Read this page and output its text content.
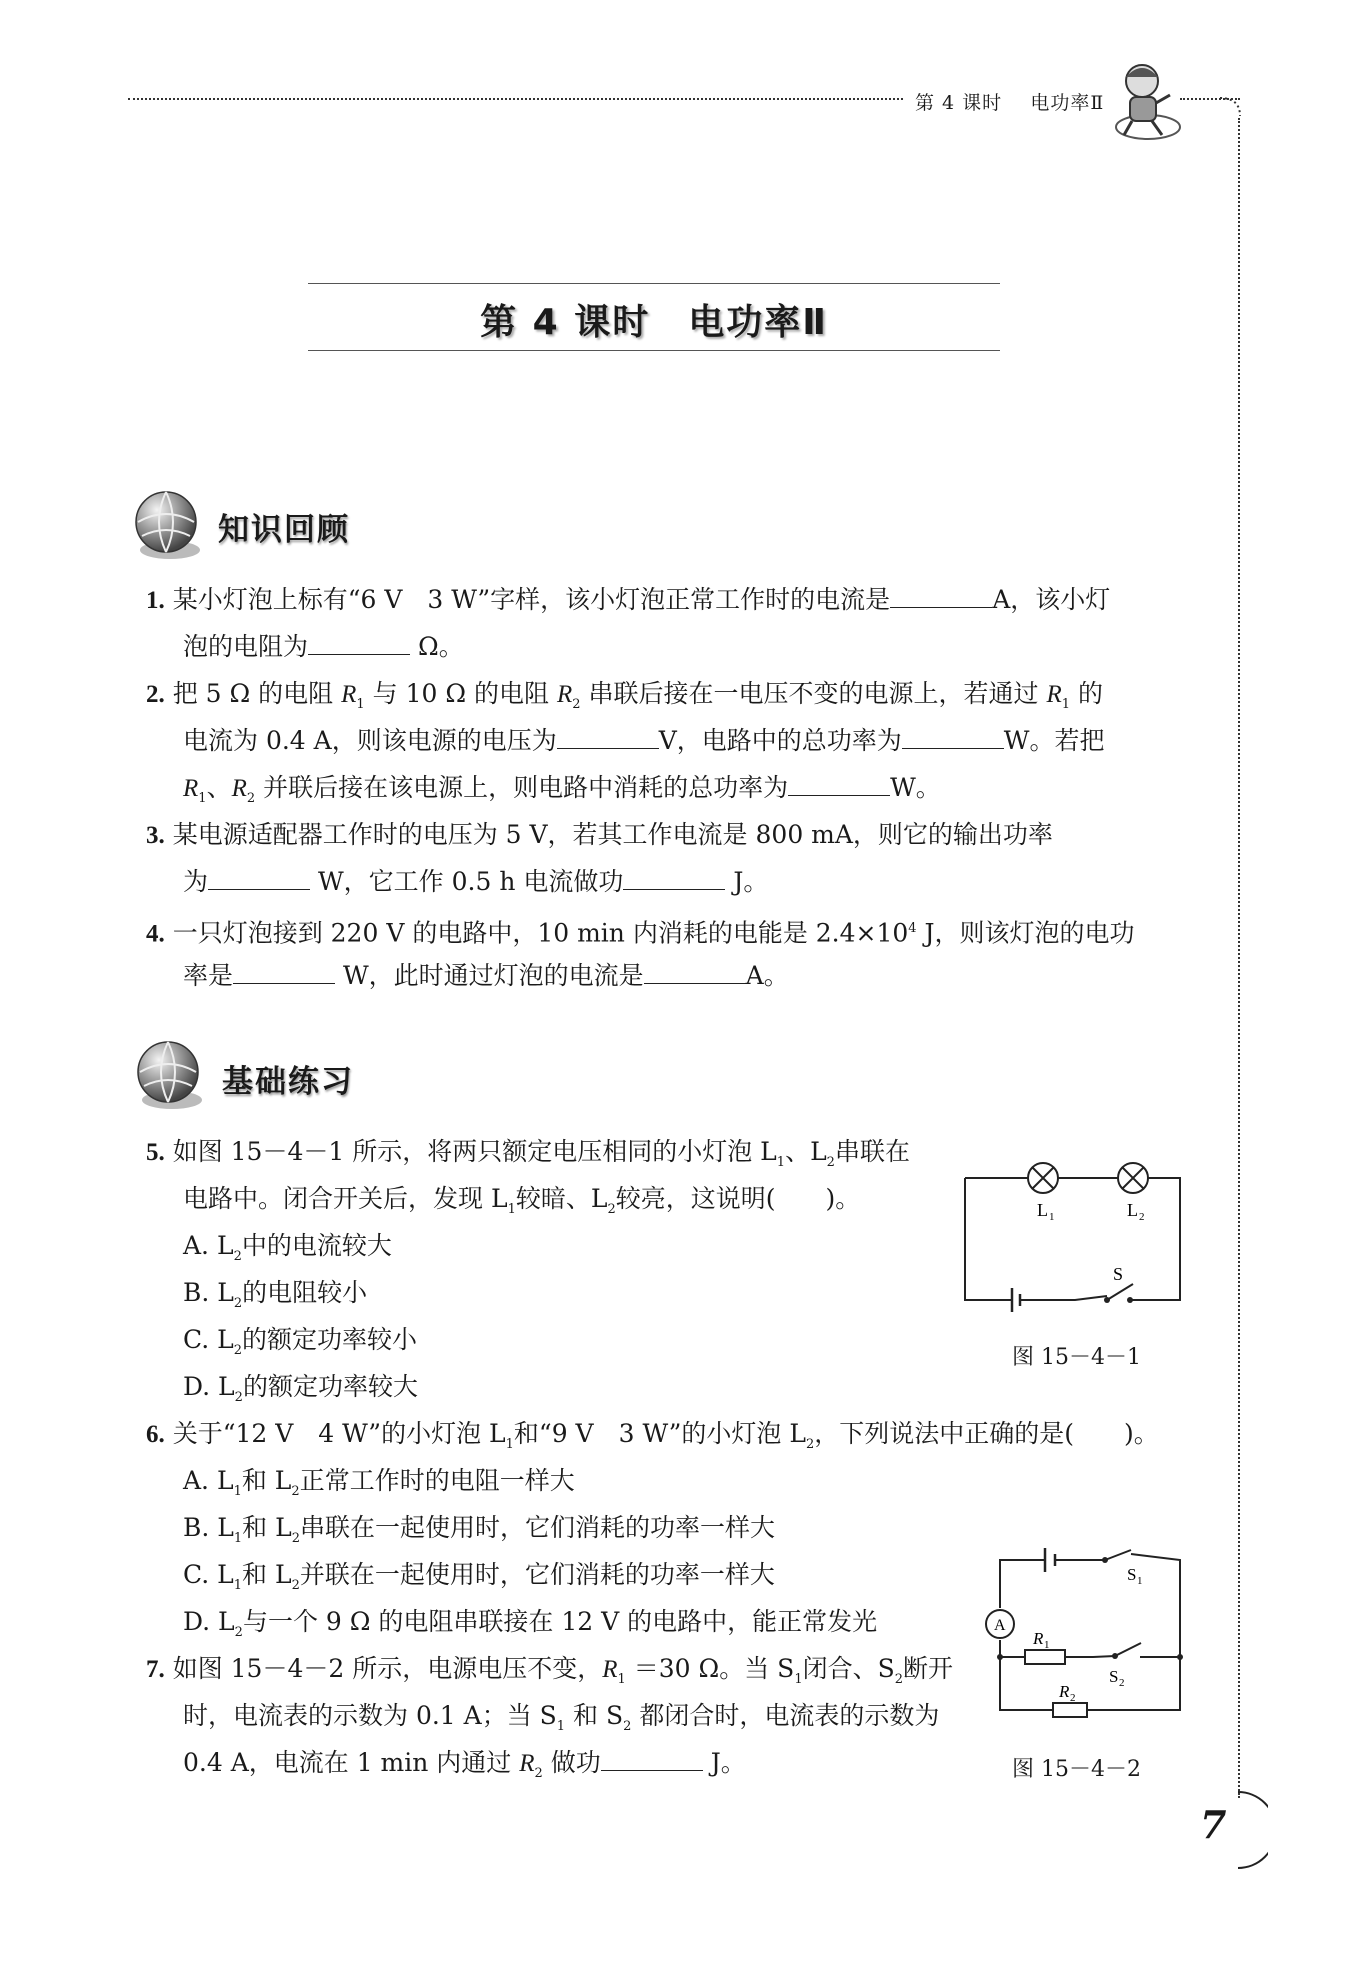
第 4 课时 电功率Ⅱ
7
第 4 课时　电功率Ⅱ
知识回顾
1. 某小灯泡上标有“6 V　3 W”字样，该小灯泡正常工作时的电流是	A，该小灯
泡的电阻为	Ω。
2. 把 5 Ω 的电阻 $R_1$ 与 10 Ω 的电阻 $R_2$ 串联后接在一电压不变的电源上，若通过 $R_1$ 的
电流为 0.4 A，则该电源的电压为	V，电路中的总功率为	W。若把
$R_1$、$R_2$ 并联后接在该电源上，则电路中消耗的总功率为	W。
3. 某电源适配器工作时的电压为 5 V，若其工作电流是 800 mA，则它的输出功率
为	W，它工作 0.5 h 电流做功	J。
4. 一只灯泡接到 220 V 的电路中，10 min 内消耗的电能是 $2.4\times 10^4$ J，则该灯泡的电功
率是	W，此时通过灯泡的电流是	A。
基础练习
5. 如图 15－4－1 所示，将两只额定电压相同的小灯泡 $L_1$、$L_2$串联在
电路中。闭合开关后，发现 $L_1$较暗、$L_2$较亮，这说明(　　)。
A. $L_2$中的电流较大
B. $L_2$的电阻较小
C. $L_2$的额定功率较小
D. $L_2$的额定功率较大
L 1	L 2
S
图 15－4－1
6. 关于“12 V　4 W”的小灯泡 $L_1$和“9 V　3 W”的小灯泡 $L_2$，下列说法中正确的是(　　)。
A. $L_1$和 $L_2$正常工作时的电阻一样大
B. $L_1$和 $L_2$串联在一起使用时，它们消耗的功率一样大
C. $L_1$和 $L_2$并联在一起使用时，它们消耗的功率一样大
D. $L_2$与一个 9 Ω 的电阻串联接在 12 V 的电路中，能正常发光	A
S 1
R 1
S 2
R 2
图 15－4－2
7. 如图 15－4－2 所示，电源电压不变，$R_1 =30$ Ω。当 $S_1$闭合、$S_2$断开
时，电流表的示数为 0.1 A；当 $S_1$ 和 $S_2$ 都闭合时，电流表的示数为
0.4 A，电流在 1 min 内通过 $R_2$ 做功	J。
